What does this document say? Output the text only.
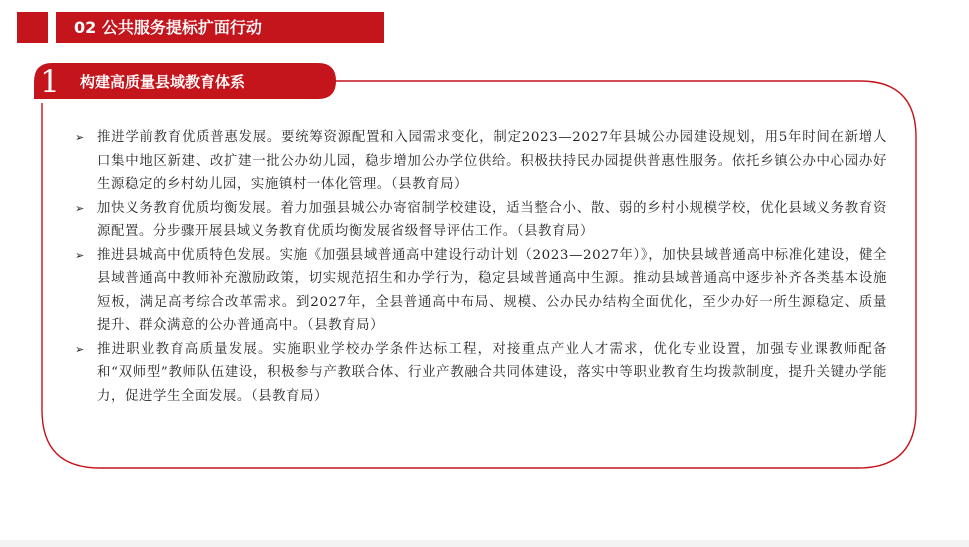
02 公共服务提标扩面行动
1 构建高质量县域教育体系
➢ 推进学前教育优质普惠发展。要统筹资源配置和入园需求变化，制定2023—2027年县城公办园建设规划，用5年时间在新增人口集中地区新建、改扩建一批公办幼儿园，稳步增加公办学位供给。积极扶持民办园提供普惠性服务。依托乡镇公办中心园办好生源稳定的乡村幼儿园，实施镇村一体化管理。（县教育局）
➢ 加快义务教育优质均衡发展。着力加强县城公办寄宿制学校建设，适当整合小、散、弱的乡村小规模学校，优化县域义务教育资源配置。分步骤开展县域义务教育优质均衡发展省级督导评估工作。（县教育局）
➢ 推进县城高中优质特色发展。实施《加强县域普通高中建设行动计划（2023—2027年）》，加快县域普通高中标准化建设，健全县域普通高中教师补充激励政策，切实规范招生和办学行为，稳定县域普通高中生源。推动县域普通高中逐步补齐各类基本设施短板，满足高考综合改革需求。到2027年，全县普通高中布局、规模、公办民办结构全面优化，至少办好一所生源稳定、质量提升、群众满意的公办普通高中。（县教育局）
➢ 推进职业教育高质量发展。实施职业学校办学条件达标工程，对接重点产业人才需求，优化专业设置，加强专业课教师配备和“双师型”教师队伍建设，积极参与产教联合体、行业产教融合共同体建设，落实中等职业教育生均拨款制度，提升关键办学能力，促进学生全面发展。（县教育局）
